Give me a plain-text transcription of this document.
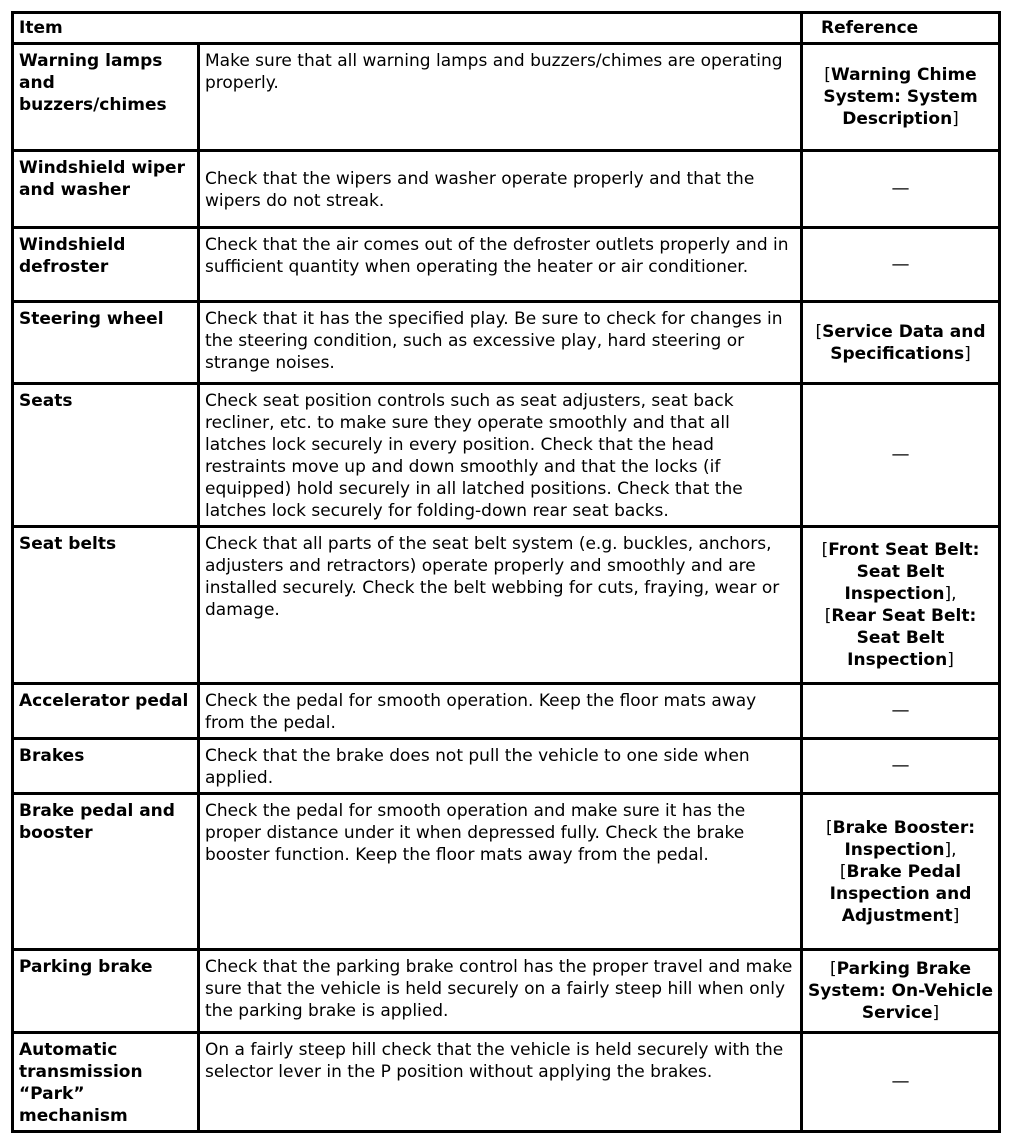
Item		Reference
Warning lamps and buzzers/chimes	Make sure that all warning lamps and buzzers/chimes are operating properly.	[Warning Chime System: System Description]

Windshield wiper and washer	Check that the wipers and washer operate properly and that the wipers do not streak.	—
Windshield defroster	Check that the air comes out of the defroster outlets properly and in sufficient quantity when operating the heater or air conditioner.	—
Steering wheel	Check that it has the specified play. Be sure to check for changes in the steering condition, such as excessive play, hard steering or strange noises.	[Service Data and Specifications]

Seats	Check seat position controls such as seat adjusters, seat back recliner, etc. to make sure they operate smoothly and that all latches lock securely in every position. Check that the head restraints move up and down smoothly and that the locks (if equipped) hold securely in all latched positions. Check that the latches lock securely for folding-down rear seat backs.	—
Seat belts	Check that all parts of the seat belt system (e.g. buckles, anchors, adjusters and retractors) operate properly and smoothly and are installed securely. Check the belt webbing for cuts, fraying, wear or damage.	[Front Seat Belt: Seat Belt Inspection],
[Rear Seat Belt: Seat Belt Inspection]

Accelerator pedal	Check the pedal for smooth operation. Keep the floor mats away from the pedal.	—
Brakes	Check that the brake does not pull the vehicle to one side when applied.	—
Brake pedal and booster	Check the pedal for smooth operation and make sure it has the proper distance under it when depressed fully. Check the brake booster function. Keep the floor mats away from the pedal.	[Brake Booster: Inspection],
[Brake Pedal Inspection and Adjustment]

Parking brake	Check that the parking brake control has the proper travel and make sure that the vehicle is held securely on a fairly steep hill when only the parking brake is applied.	[Parking Brake System: On-Vehicle Service]

Automatic transmission “Park” mechanism	On a fairly steep hill check that the vehicle is held securely with the selector lever in the P position without applying the brakes.	—
